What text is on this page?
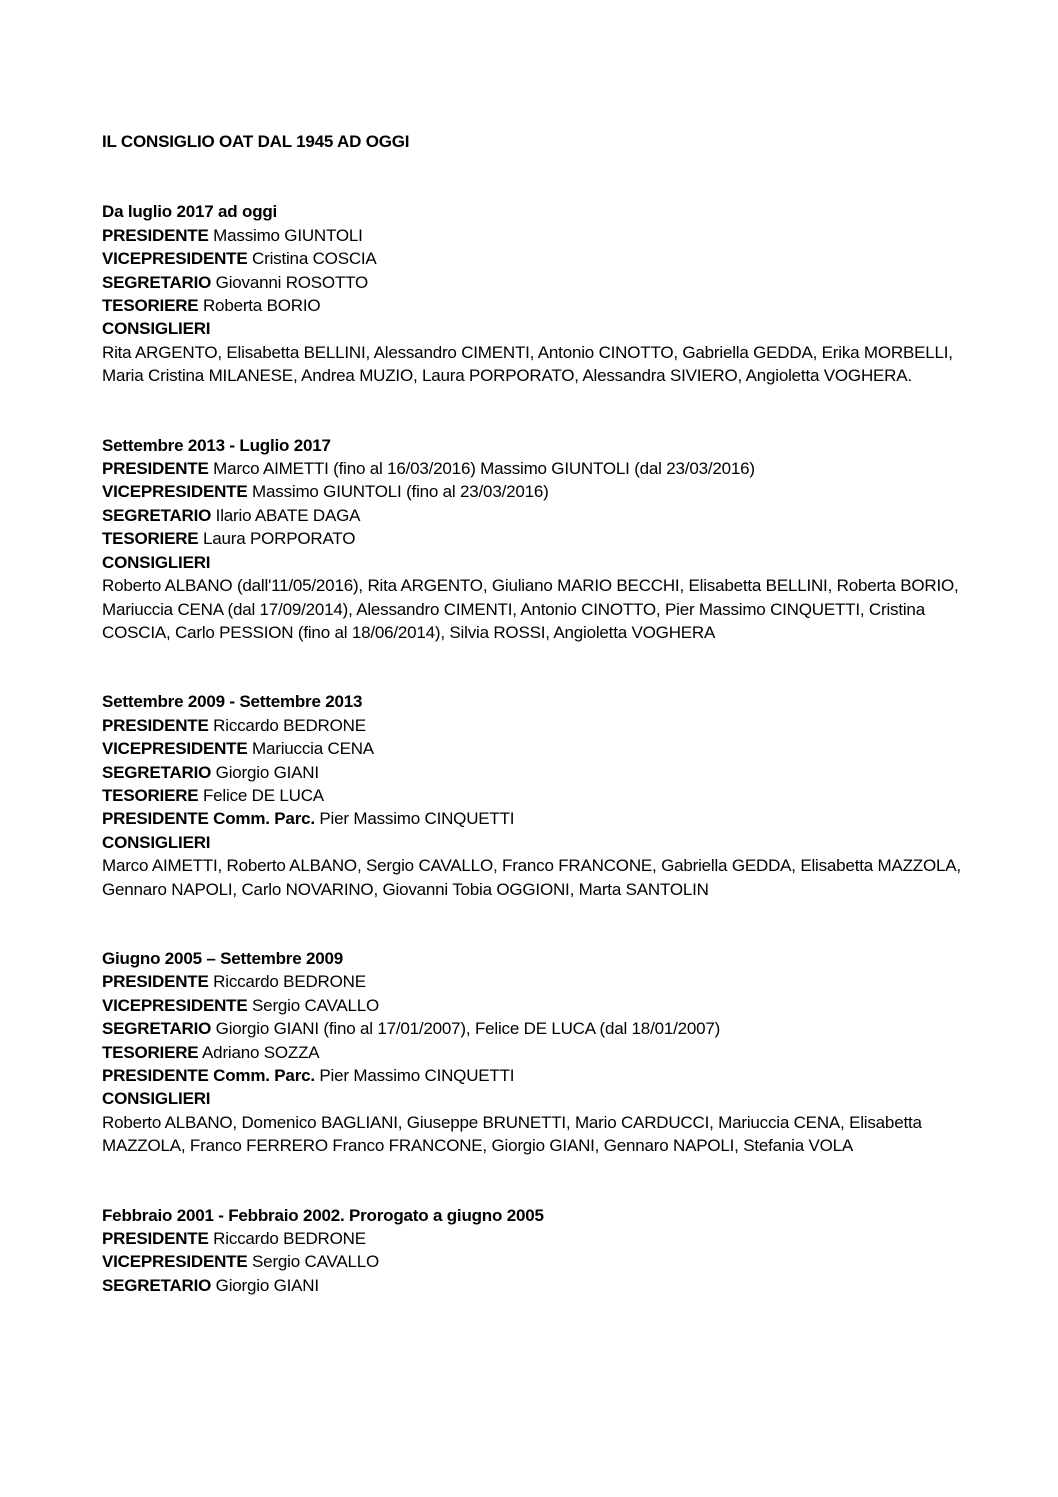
IL CONSIGLIO OAT DAL 1945 AD OGGI
Da luglio 2017 ad oggi
PRESIDENTE Massimo GIUNTOLI
VICEPRESIDENTE Cristina COSCIA
SEGRETARIO Giovanni ROSOTTO
TESORIERE Roberta BORIO
CONSIGLIERI
Rita ARGENTO, Elisabetta BELLINI, Alessandro CIMENTI, Antonio CINOTTO, Gabriella GEDDA, Erika MORBELLI, Maria Cristina MILANESE, Andrea MUZIO, Laura PORPORATO, Alessandra SIVIERO, Angioletta VOGHERA.
Settembre 2013 - Luglio 2017
PRESIDENTE Marco AIMETTI (fino al 16/03/2016) Massimo GIUNTOLI (dal 23/03/2016)
VICEPRESIDENTE Massimo GIUNTOLI (fino al 23/03/2016)
SEGRETARIO Ilario ABATE DAGA
TESORIERE Laura PORPORATO
CONSIGLIERI
Roberto ALBANO (dall'11/05/2016), Rita ARGENTO, Giuliano MARIO BECCHI, Elisabetta BELLINI, Roberta BORIO, Mariuccia CENA (dal 17/09/2014), Alessandro CIMENTI, Antonio CINOTTO, Pier Massimo CINQUETTI, Cristina COSCIA, Carlo PESSION (fino al 18/06/2014), Silvia ROSSI, Angioletta VOGHERA
Settembre 2009 - Settembre 2013
PRESIDENTE Riccardo BEDRONE
VICEPRESIDENTE Mariuccia CENA
SEGRETARIO Giorgio GIANI
TESORIERE Felice DE LUCA
PRESIDENTE Comm. Parc. Pier Massimo CINQUETTI
CONSIGLIERI
Marco AIMETTI, Roberto ALBANO, Sergio CAVALLO, Franco FRANCONE, Gabriella GEDDA, Elisabetta MAZZOLA, Gennaro NAPOLI, Carlo NOVARINO, Giovanni Tobia OGGIONI, Marta SANTOLIN
Giugno 2005 – Settembre 2009
PRESIDENTE Riccardo BEDRONE
VICEPRESIDENTE Sergio CAVALLO
SEGRETARIO Giorgio GIANI (fino al 17/01/2007), Felice DE LUCA (dal 18/01/2007)
TESORIERE Adriano SOZZA
PRESIDENTE Comm. Parc. Pier Massimo CINQUETTI
CONSIGLIERI
Roberto ALBANO, Domenico BAGLIANI, Giuseppe BRUNETTI, Mario CARDUCCI, Mariuccia CENA, Elisabetta MAZZOLA, Franco FERRERO Franco FRANCONE, Giorgio GIANI, Gennaro NAPOLI, Stefania VOLA
Febbraio 2001 - Febbraio 2002. Prorogato a giugno 2005
PRESIDENTE Riccardo BEDRONE
VICEPRESIDENTE Sergio CAVALLO
SEGRETARIO Giorgio GIANI
